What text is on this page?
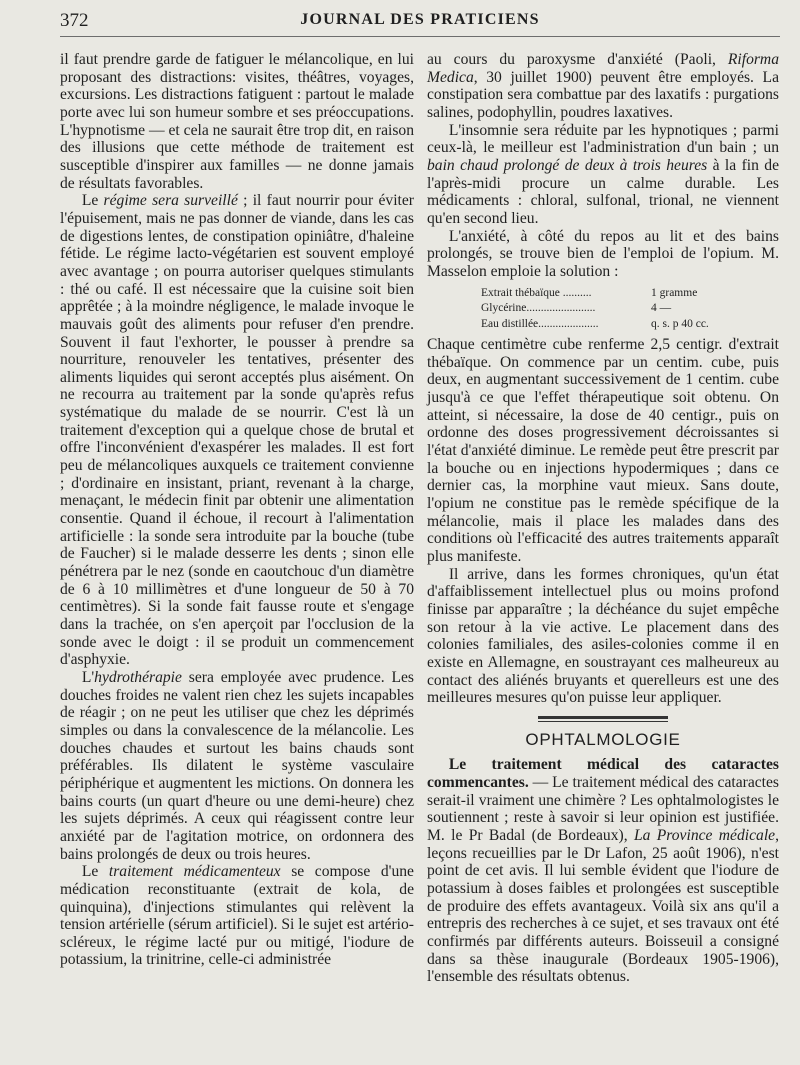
372	JOURNAL DES PRATICIENS

il faut prendre garde de fatiguer le mélancolique, en lui proposant des distractions: visites, théâtres, voyages, excursions. Les distractions fatiguent : partout le malade porte avec lui son humeur sombre et ses préoccupations. L'hypnotisme — et cela ne saurait être trop dit, en raison des illusions que cette méthode de traitement est susceptible d'inspirer aux familles — ne donne jamais de résultats favorables.

Le régime sera surveillé ; il faut nourrir pour éviter l'épuisement, mais ne pas donner de viande, dans les cas de digestions lentes, de constipation opiniâtre, d'haleine fétide. Le régime lacto-végétarien est souvent employé avec avantage ; on pourra autoriser quelques stimulants : thé ou café. Il est nécessaire que la cuisine soit bien apprêtée ; à la moindre négligence, le malade invoque le mauvais goût des aliments pour refuser d'en prendre. Souvent il faut l'exhorter, le pousser à prendre sa nourriture, renouveler les tentatives, présenter des aliments liquides qui seront acceptés plus aisément. On ne recourra au traitement par la sonde qu'après refus systématique du malade de se nourrir. C'est là un traitement d'exception qui a quelque chose de brutal et offre l'inconvénient d'exaspérer les malades. Il est fort peu de mélancoliques auxquels ce traitement convienne ; d'ordinaire en insistant, priant, revenant à la charge, menaçant, le médecin finit par obtenir une alimentation consentie. Quand il échoue, il recourt à l'alimentation artificielle : la sonde sera introduite par la bouche (tube de Faucher) si le malade desserre les dents ; sinon elle pénétrera par le nez (sonde en caoutchouc d'un diamètre de 6 à 10 millimètres et d'une longueur de 50 à 70 centimètres). Si la sonde fait fausse route et s'engage dans la trachée, on s'en aperçoit par l'occlusion de la sonde avec le doigt : il se produit un commencement d'asphyxie.

L'hydrothérapie sera employée avec prudence. Les douches froides ne valent rien chez les sujets incapables de réagir ; on ne peut les utiliser que chez les déprimés simples ou dans la convalescence de la mélancolie. Les douches chaudes et surtout les bains chauds sont préférables. Ils dilatent le système vasculaire périphérique et augmentent les mictions. On donnera les bains courts (un quart d'heure ou une demi-heure) chez les sujets déprimés. A ceux qui réagissent contre leur anxiété par de l'agitation motrice, on ordonnera des bains prolongés de deux ou trois heures.

Le traitement médicamenteux se compose d'une médication reconstituante (extrait de kola, de quinquina), d'injections stimulantes qui relèvent la tension artérielle (sérum artificiel). Si le sujet est artério-scléreux, le régime lacté pur ou mitigé, l'iodure de potassium, la trinitrine, celle-ci administrée

au cours du paroxysme d'anxiété (Paoli, Riforma Medica, 30 juillet 1900) peuvent être employés. La constipation sera combattue par des laxatifs : purgations salines, podophyllin, poudres laxatives.

L'insomnie sera réduite par les hypnotiques ; parmi ceux-là, le meilleur est l'administration d'un bain ; un bain chaud prolongé de deux à trois heures à la fin de l'après-midi procure un calme durable. Les médicaments : chloral, sulfonal, trional, ne viennent qu'en second lieu.

L'anxiété, à côté du repos au lit et des bains prolongés, se trouve bien de l'emploi de l'opium. M. Masselon emploie la solution :

Extrait thébaïque ..........	1 gramme
Glycérine........................	4 —
Eau distillée.....................	q. s. p 40 cc.

Chaque centimètre cube renferme 2,5 centigr. d'extrait thébaïque. On commence par un centim. cube, puis deux, en augmentant successivement de 1 centim. cube jusqu'à ce que l'effet thérapeutique soit obtenu. On atteint, si nécessaire, la dose de 40 centigr., puis on ordonne des doses progressivement décroissantes si l'état d'anxiété diminue. Le remède peut être prescrit par la bouche ou en injections hypodermiques ; dans ce dernier cas, la morphine vaut mieux. Sans doute, l'opium ne constitue pas le remède spécifique de la mélancolie, mais il place les malades dans des conditions où l'efficacité des autres traitements apparaît plus manifeste.

Il arrive, dans les formes chroniques, qu'un état d'affaiblissement intellectuel plus ou moins profond finisse par apparaître ; la déchéance du sujet empêche son retour à la vie active. Le placement dans des colonies familiales, des asiles-colonies comme il en existe en Allemagne, en soustrayant ces malheureux au contact des aliénés bruyants et querelleurs est une des meilleures mesures qu'on puisse leur appliquer.

OPHTALMOLOGIE

Le traitement médical des cataractes commencantes. — Le traitement médical des cataractes serait-il vraiment une chimère ? Les ophtalmologistes le soutiennent ; reste à savoir si leur opinion est justifiée. M. le Pr Badal (de Bordeaux), La Province médicale, leçons recueillies par le Dr Lafon, 25 août 1906), n'est point de cet avis. Il lui semble évident que l'iodure de potassium à doses faibles et prolongées est susceptible de produire des effets avantageux. Voilà six ans qu'il a entrepris des recherches à ce sujet, et ses travaux ont été confirmés par différents auteurs. Boisseuil a consigné dans sa thèse inaugurale (Bordeaux 1905-1906), l'ensemble des résultats obtenus.
